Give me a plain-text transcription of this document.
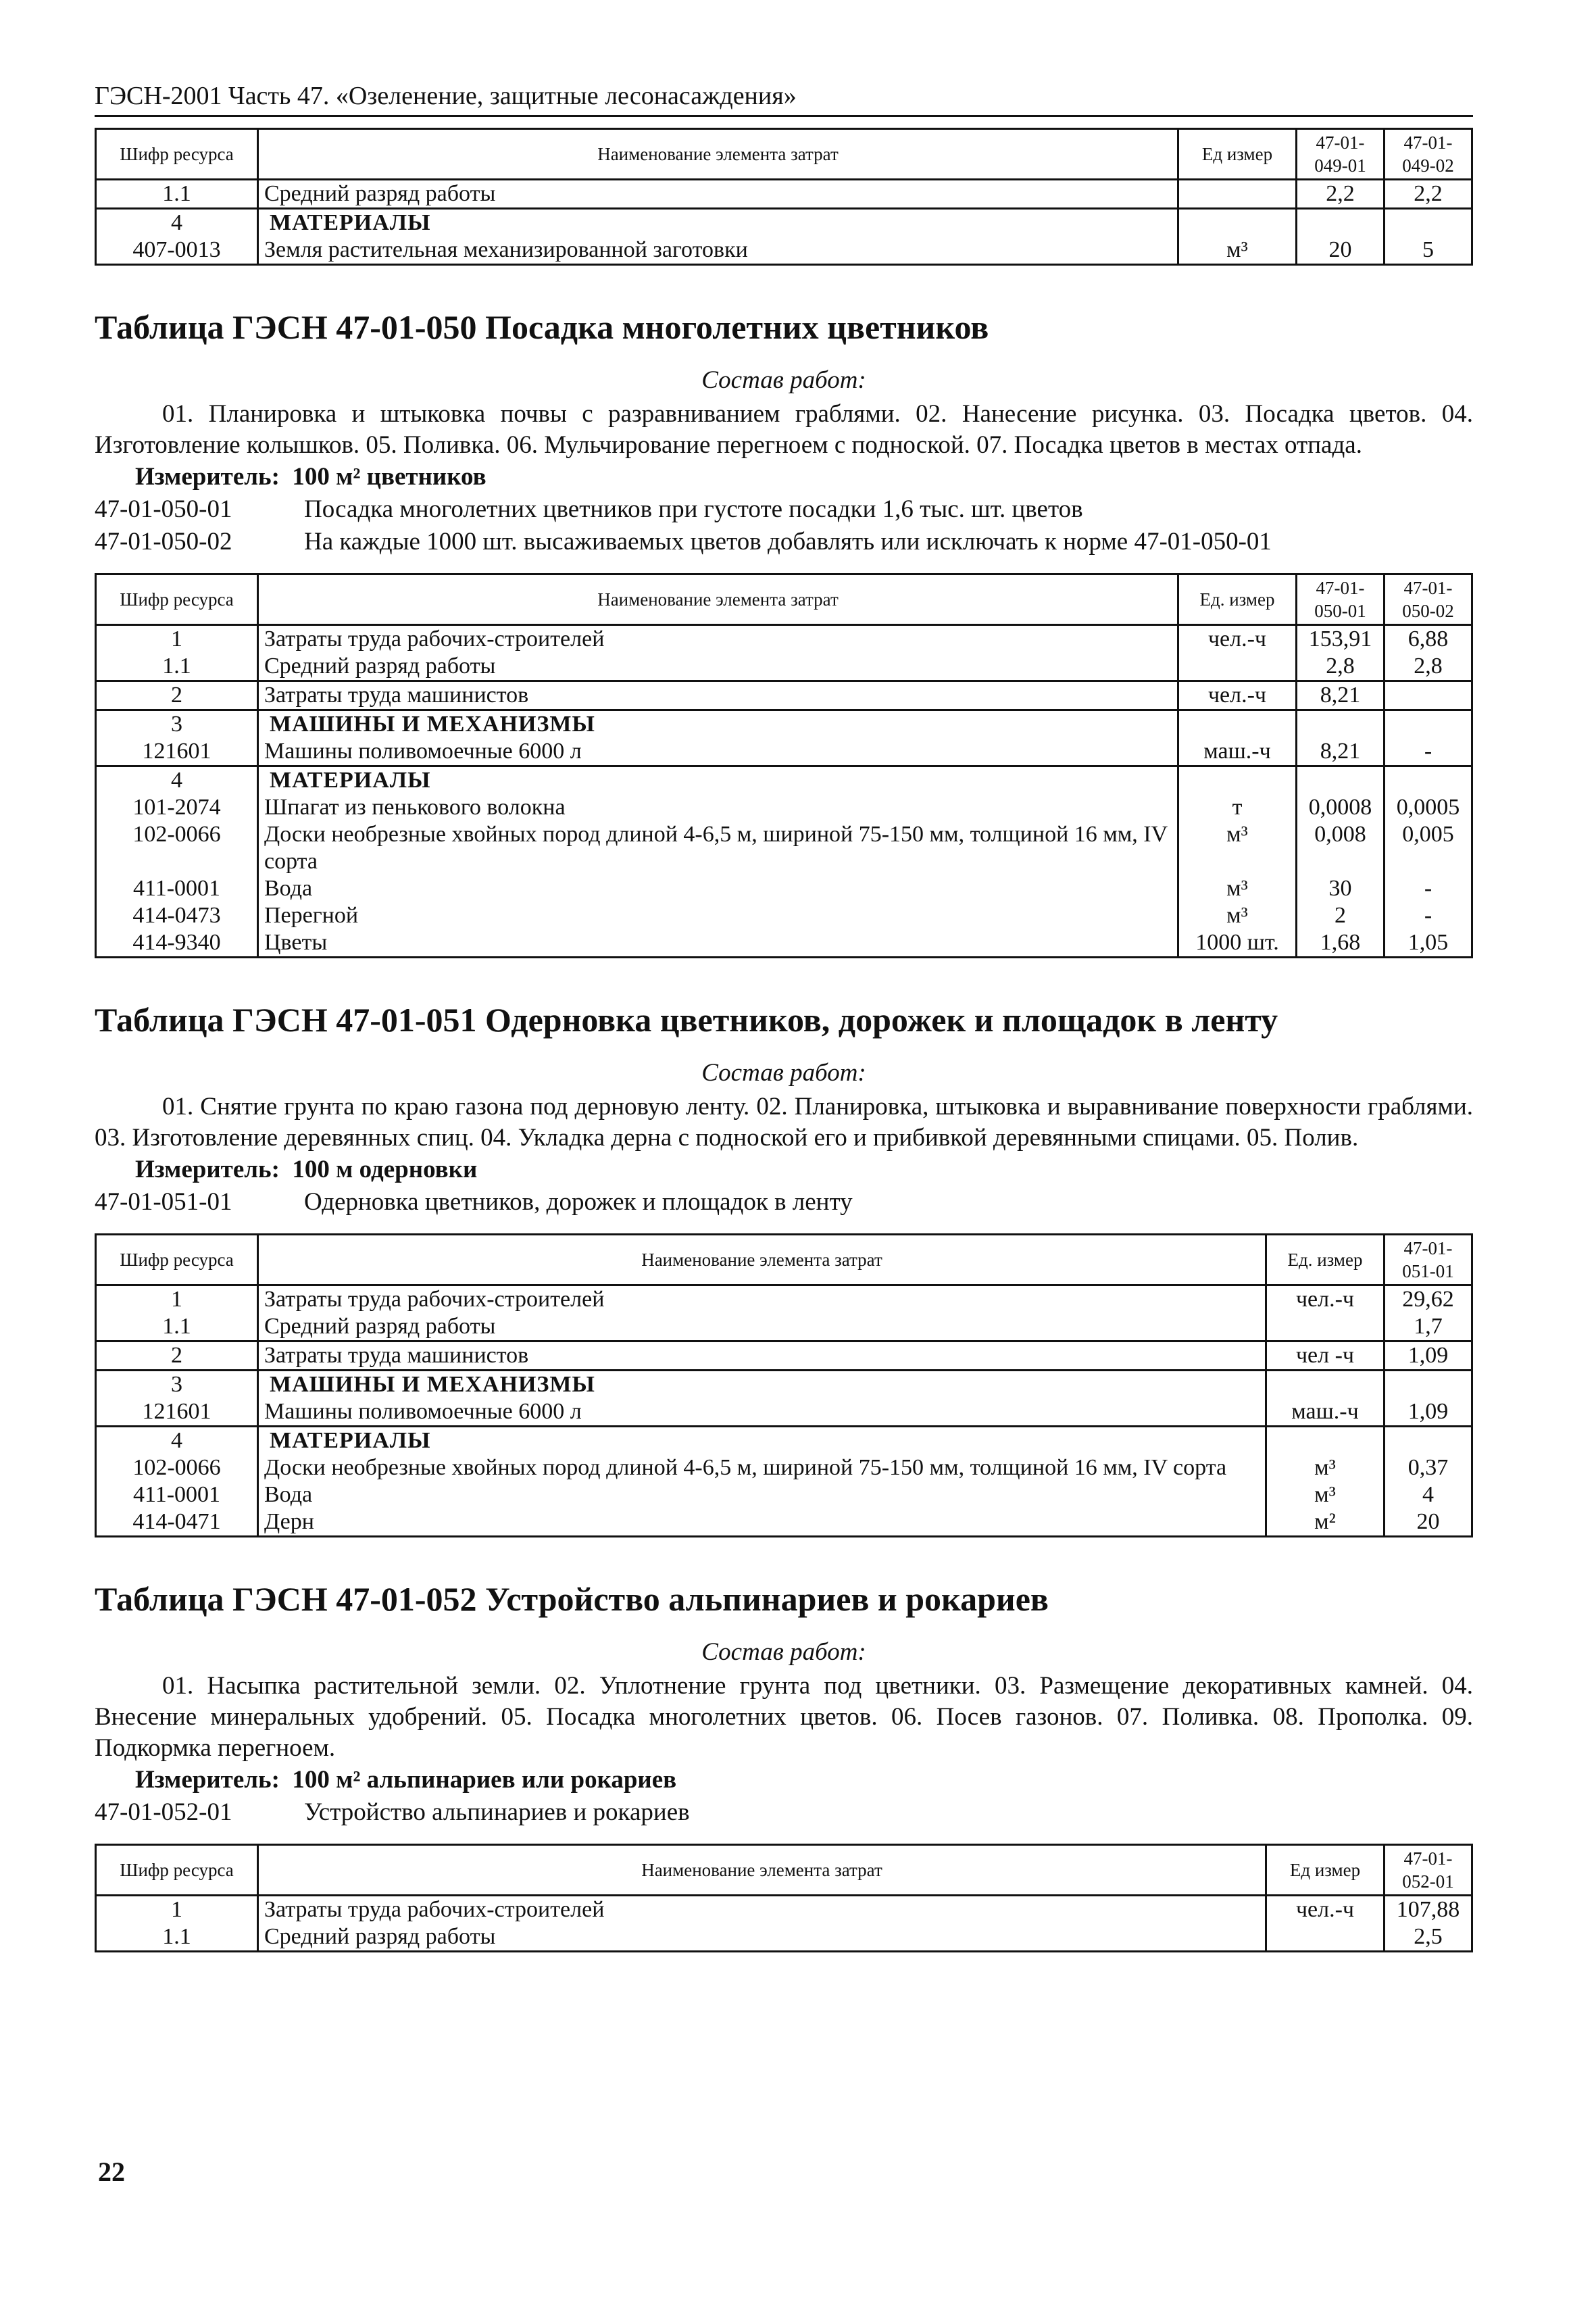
ГЭСН-2001 Часть 47. «Озеленение, защитные лесонасаждения»
Шифр ресурса	Наименование элемента затрат	Ед измер	47-01-049-01	47-01-049-02
1.1	Средний разряд работы		2,2	2,2
4	МАТЕРИАЛЫ			
407-0013	Земля растительная механизированной заготовки	м³	20	5
Таблица ГЭСН 47-01-050 Посадка многолетних цветников
Состав работ:
01. Планировка и штыковка почвы с разравниванием граблями. 02. Нанесение рисунка. 03. Посадка цветов. 04. Изготовление колышков. 05. Поливка. 06. Мульчирование перегноем с подноской. 07. Посадка цветов в местах отпада.
Измеритель: 100 м² цветников
47-01-050-01	Посадка многолетних цветников при густоте посадки 1,6 тыс. шт. цветов
47-01-050-02	На каждые 1000 шт. высаживаемых цветов добавлять или исключать к норме 47-01-050-01
Шифр ресурса	Наименование элемента затрат	Ед. измер	47-01-050-01	47-01-050-02
1	Затраты труда рабочих-строителей	чел.-ч	153,91	6,88
1.1	Средний разряд работы		2,8	2,8
2	Затраты труда машинистов	чел.-ч	8,21	
3	МАШИНЫ И МЕХАНИЗМЫ			
121601	Машины поливомоечные 6000 л	маш.-ч	8,21	-
4	МАТЕРИАЛЫ			
101-2074	Шпагат из пенькового волокна	т	0,0008	0,0005
102-0066	Доски необрезные хвойных пород длиной 4-6,5 м, шириной 75-150 мм, толщиной 16 мм, IV сорта	м³	0,008	0,005
411-0001	Вода	м³	30	-
414-0473	Перегной	м³	2	-
414-9340	Цветы	1000 шт.	1,68	1,05
Таблица ГЭСН 47-01-051 Одерновка цветников, дорожек и площадок в ленту
Состав работ:
01. Снятие грунта по краю газона под дерновую ленту. 02. Планировка, штыковка и выравнивание поверхности граблями. 03. Изготовление деревянных спиц. 04. Укладка дерна с подноской его и прибивкой деревянными спицами. 05. Полив.
Измеритель: 100 м одерновки
47-01-051-01	Одерновка цветников, дорожек и площадок в ленту
Шифр ресурса	Наименование элемента затрат	Ед. измер	47-01-051-01
1	Затраты труда рабочих-строителей	чел.-ч	29,62
1.1	Средний разряд работы		1,7
2	Затраты труда машинистов	чел -ч	1,09
3	МАШИНЫ И МЕХАНИЗМЫ		
121601	Машины поливомоечные 6000 л	маш.-ч	1,09
4	МАТЕРИАЛЫ		
102-0066	Доски необрезные хвойных пород длиной 4-6,5 м, шириной 75-150 мм, толщиной 16 мм, IV сорта	м³	0,37
411-0001	Вода	м³	4
414-0471	Дерн	м²	20
Таблица ГЭСН 47-01-052 Устройство альпинариев и рокариев
Состав работ:
01. Насыпка растительной земли. 02. Уплотнение грунта под цветники. 03. Размещение декоративных камней. 04. Внесение минеральных удобрений. 05. Посадка многолетних цветов. 06. Посев газонов. 07. Поливка. 08. Прополка. 09. Подкормка перегноем.
Измеритель: 100 м² альпинариев или рокариев
47-01-052-01	Устройство альпинариев и рокариев
Шифр ресурса	Наименование элемента затрат	Ед измер	47-01-052-01
1	Затраты труда рабочих-строителей	чел.-ч	107,88
1.1	Средний разряд работы		2,5
22
